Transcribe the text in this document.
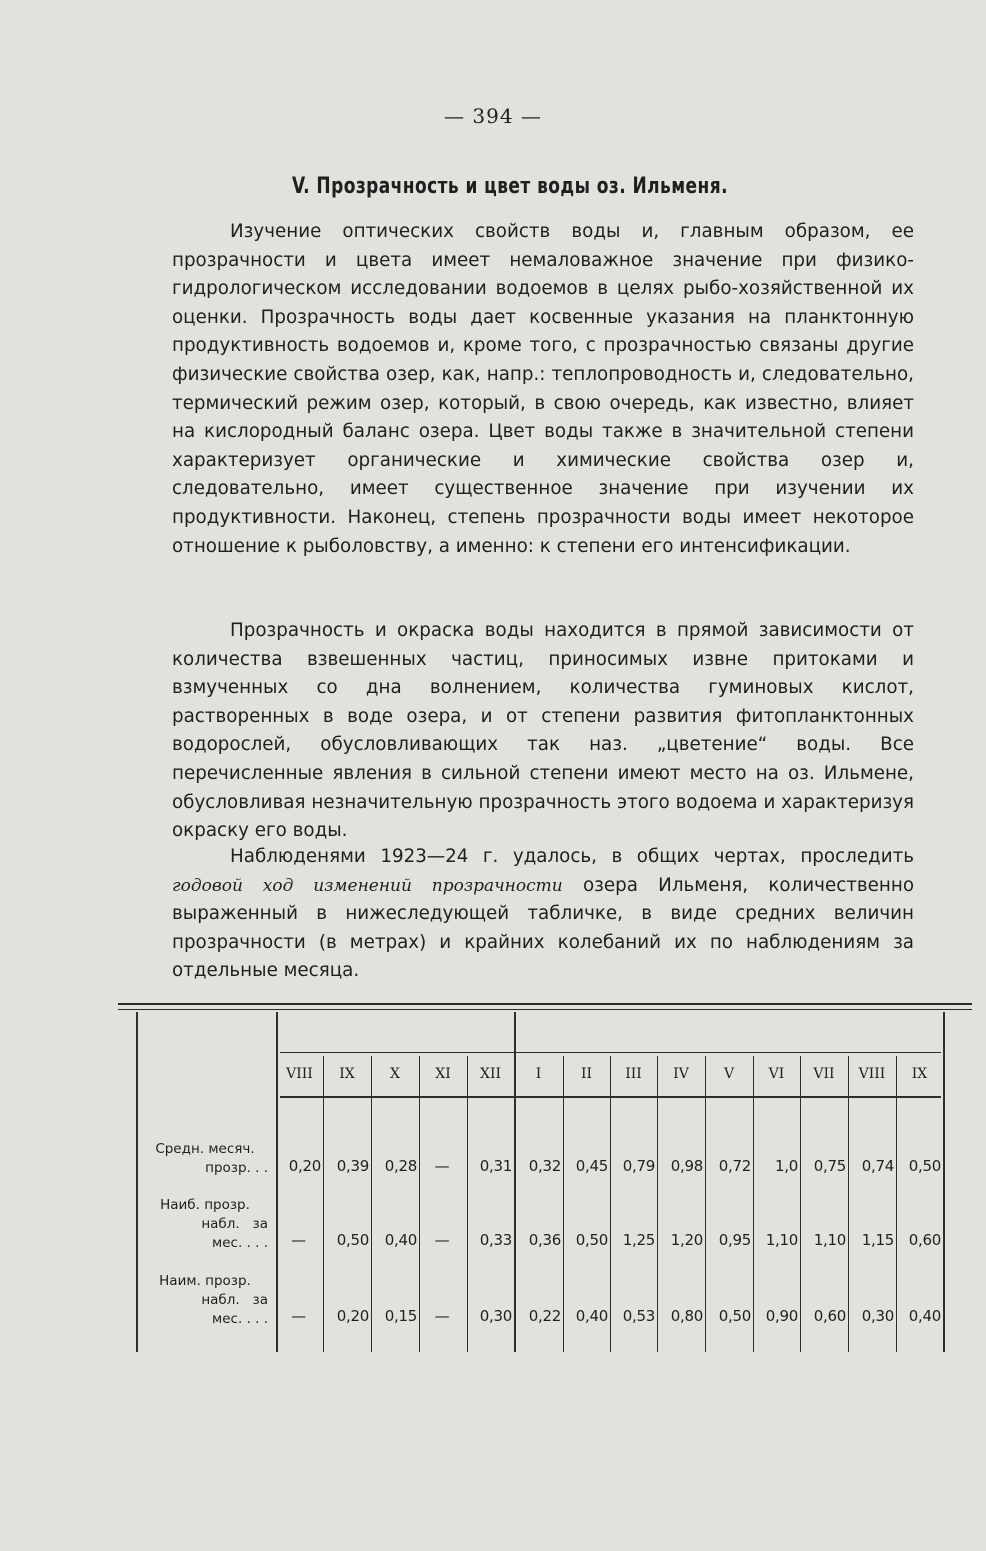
— 394 —
V. Прозрачность и цвет воды оз. Ильменя.

Изучение оптических свойств воды и, главным образом, ее прозрачности и цвета имеет немаловажное значение при физико-гидрологическом исследовании водоемов в целях рыбо-хозяйственной их оценки. Прозрачность воды дает косвенные указания на планктонную продуктивность водоемов и, кроме того, с прозрачностью связаны другие физические свойства озер, как, напр.: теплопроводность и, следовательно, термический режим озер, который, в свою очередь, как известно, влияет на кислородный баланс озера. Цвет воды также в значительной степени характеризует органические и химические свойства озер и, следовательно, имеет существенное значение при изучении их продуктивности. Наконец, степень прозрачности воды имеет некоторое отношение к рыболовству, а именно: к степени его интенсификации.

Прозрачность и окраска воды находится в прямой зависимости от количества взвешенных частиц, приносимых извне притоками и взмученных со дна волнением, количества гуминовых кислот, растворенных в воде озера, и от степени развития фитопланктонных водорослей, обусловливающих так наз. „цветение“ воды. Все перечисленные явления в сильной степени имеют место на оз. Ильмене, обусловливая незначительную прозрачность этого водоема и характеризуя окраску его воды.

Наблюденями 1923—24 г. удалось, в общих чертах, проследить годовой ход изменений прозрачности озера Ильменя, количественно выраженный в нижеследующей табличке, в виде средних величин прозрачности (в метрах) и крайних колебаний их по наблюдениям за отдельные месяца.

VIII	IX	X	XI	XII	I	II	III	IV	V	VI	VII	VIII	IX
Средн. месяч.
прозр. . .	0,20	0,39	0,28	—	0,31	0,32 0,45 0,79	0,98	0,72	1,0	0,75	0,74 0,50
Наиб. прозр.
набл.   за
мес. . . .	—	0,50	0,40	—	0,33	0,36 0,50 1,25	1,20	0,95 1,10	1,10	1,15 0,60
Наим. прозр.
набл.   за
мес. . . .	—	0,20	0,15	—	0,30	0,22 0,40 0,53	0,80	0,50 0,90	0,60	0,30 0,40
